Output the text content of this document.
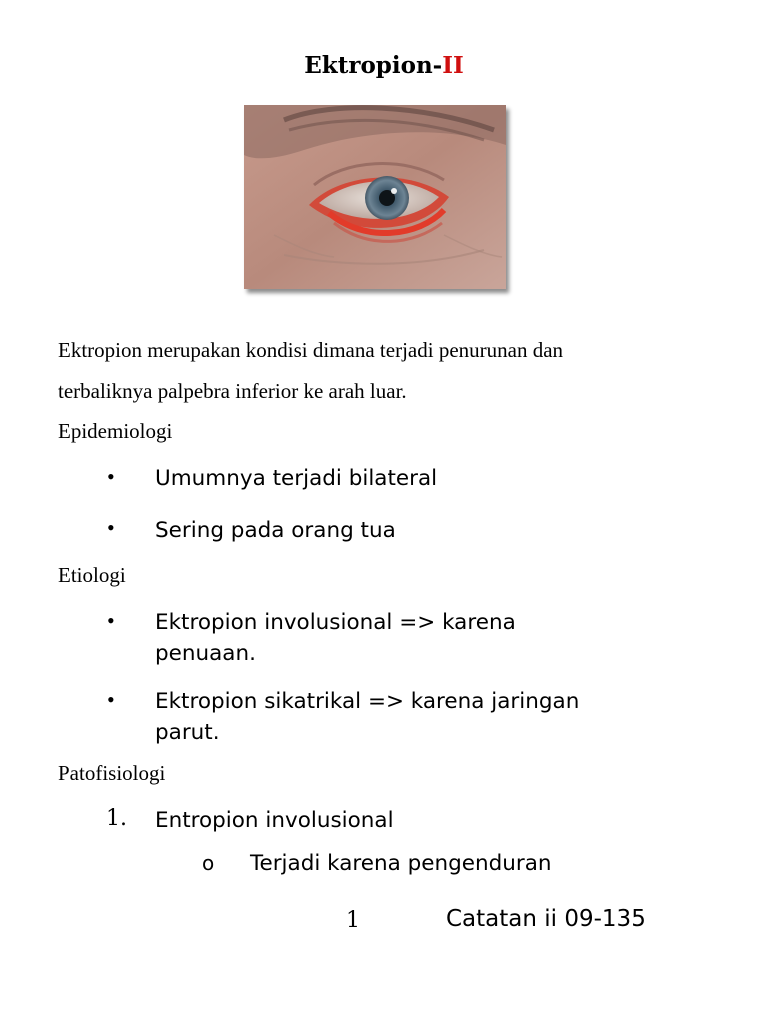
Ektropion-II

Ektropion merupakan kondisi dimana terjadi penurunan dan
terbaliknya palpebra inferior ke arah luar.

Epidemiologi

• Umumnya terjadi bilateral

• Sering pada orang tua

Etiologi

• Ektropion involusional => karena
penuaan.

• Ektropion sikatrikal => karena jaringan
parut.

Patofisiologi

1. Entropion involusional

o Terjadi karena pengenduran

1	Catatan ii 09-135
